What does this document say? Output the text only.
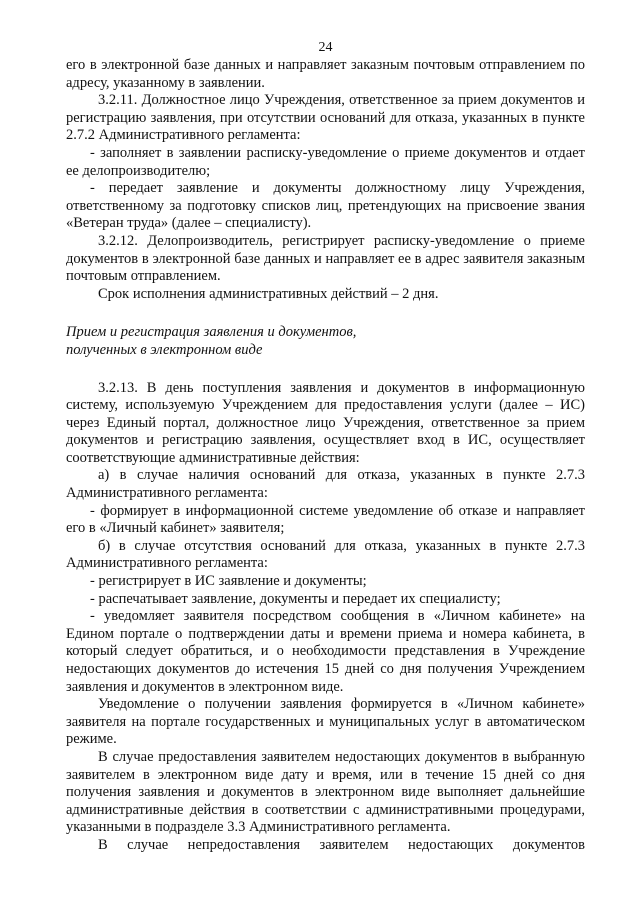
24

его в электронной базе данных и направляет заказным почтовым отправлением по адресу, указанному в заявлении.

3.2.11. Должностное лицо Учреждения, ответственное за прием документов и регистрацию заявления, при отсутствии оснований для отказа, указанных в пункте 2.7.2 Административного регламента:

- заполняет в заявлении расписку-уведомление о приеме документов и отдает ее делопроизводителю;

- передает заявление и документы должностному лицу Учреждения, ответственному за подготовку списков лиц, претендующих на присвоение звания «Ветеран труда» (далее – специалисту).

3.2.12. Делопроизводитель, регистрирует расписку-уведомление о приеме документов в электронной базе данных и направляет ее в адрес заявителя заказным почтовым отправлением.

Срок исполнения административных действий – 2 дня.

Прием и регистрация заявления и документов,

полученных в электронном виде

3.2.13. В день поступления заявления и документов в информационную систему, используемую Учреждением для предоставления услуги (далее – ИС) через Единый портал, должностное лицо Учреждения, ответственное за прием документов и регистрацию заявления, осуществляет вход в ИС, осуществляет соответствующие административные действия:

а) в случае наличия оснований для отказа, указанных в пункте 2.7.3 Административного регламента:

- формирует в информационной системе уведомление об отказе и направляет его в «Личный кабинет» заявителя;

б) в случае отсутствия оснований для отказа, указанных в пункте 2.7.3 Административного регламента:

- регистрирует в ИС заявление и документы;

- распечатывает заявление, документы и передает их специалисту;

- уведомляет заявителя посредством сообщения в «Личном кабинете» на Едином портале о подтверждении даты и времени приема и номера кабинета, в который следует обратиться, и о необходимости представления в Учреждение недостающих документов до истечения 15 дней со дня получения Учреждением заявления и документов в электронном виде.

Уведомление о получении заявления формируется в «Личном кабинете» заявителя на портале государственных и муниципальных услуг в автоматическом режиме.

В случае предоставления заявителем недостающих документов в выбранную заявителем в электронном виде дату и время, или в течение 15 дней со дня получения заявления и документов в электронном виде выполняет дальнейшие административные действия в соответствии с административными процедурами, указанными в подразделе 3.3 Административного регламента.

В случае непредоставления заявителем недостающих документов
